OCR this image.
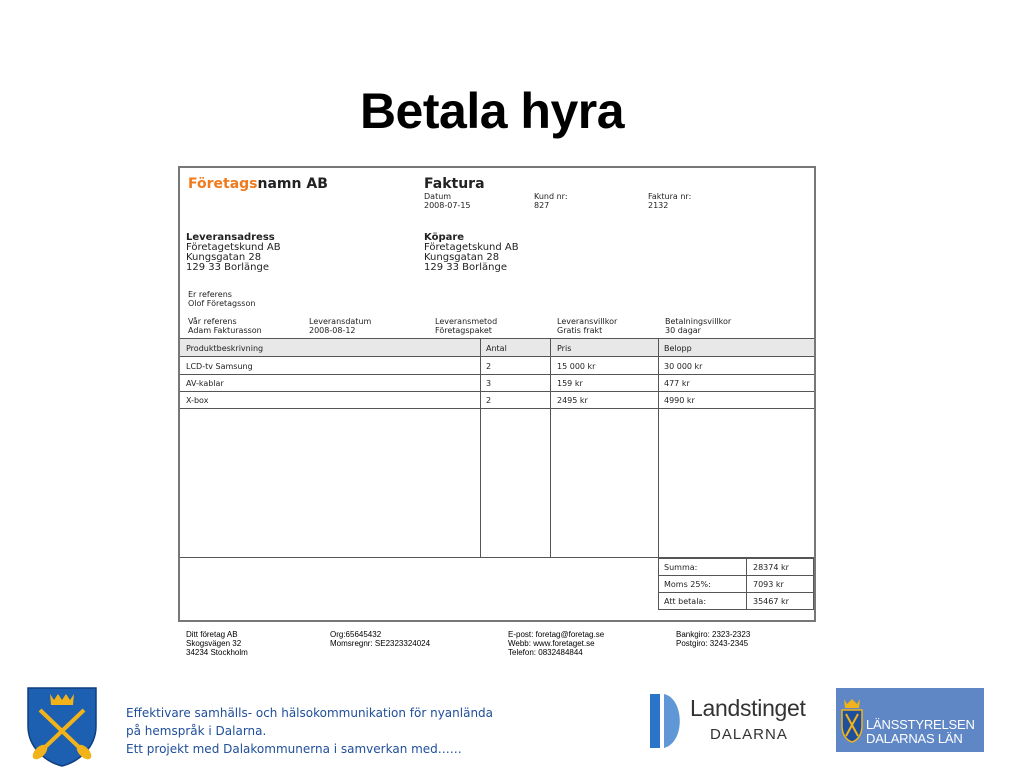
Betala hyra
Företagsnamn AB	Faktura
Datum
2008-07-15
Kund nr:
827
Faktura nr:
2132
Leveransadress
Företagetskund AB
Kungsgatan 28
129 33 Borlänge
Köpare
Företagetskund AB
Kungsgatan 28
129 33 Borlänge
Er referens
Olof Företagsson
Vår referens
Adam Fakturasson
Leveransdatum
2008-08-12
Leveransmetod
Företagspaket
Leveransvillkor
Gratis frakt
Betalningsvillkor
30 dagar
Produktbeskrivning	Antal	Pris	Belopp
LCD-tv Samsung	2	15 000 kr	30 000 kr
AV-kablar	3	159 kr	477 kr
X-box	2	2495 kr	4990 kr
Summa:	28374 kr
Moms 25%:	7093 kr
Att betala:	35467 kr
Ditt företag AB
Skogsvägen 32
34234 Stockholm
Org:65645432
Momsregnr: SE2323324024
E-post: foretag@foretag.se
Webb: www.foretaget.se
Telefon: 0832484844
Bankgiro: 2323-2323
Postgiro: 3243-2345
Effektivare samhälls- och hälsokommunikation för nyanlända
på hemspråk i Dalarna.
Ett projekt med Dalakommunerna i samverkan med……
Landstinget
DALARNA
LÄNSSTYRELSEN
DALARNAS LÄN
